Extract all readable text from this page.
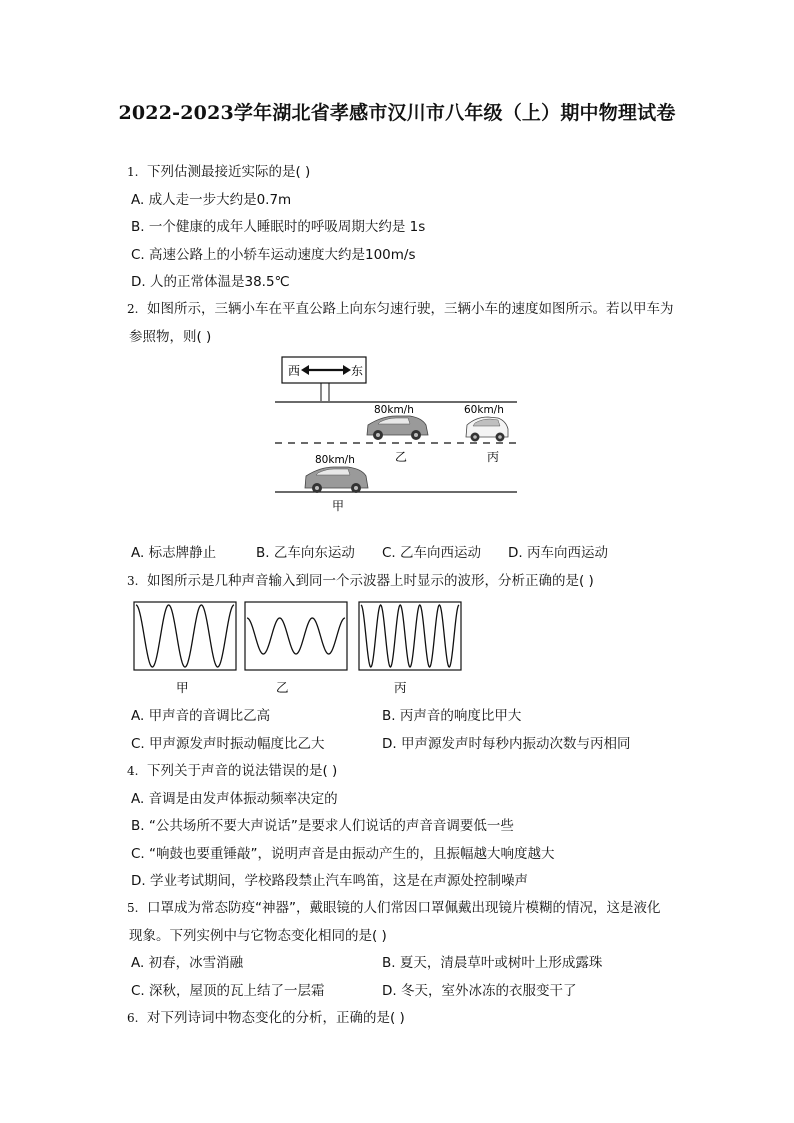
2022-2023学年湖北省孝感市汉川市八年级（上）期中物理试卷
1. 下列估测最接近实际的是( )
A. 成人走一步大约是0.7m
B. 一个健康的成年人睡眠时的呼吸周期大约是 1s
C. 高速公路上的小轿车运动速度大约是100m/s
D. 人的正常体温是38.5℃
2. 如图所示，三辆小车在平直公路上向东匀速行驶，三辆小车的速度如图所示。若以甲车为
参照物，则( )
西	东
80km/h
乙
60km/h
丙
80km/h
甲
A. 标志牌静止	B. 乙车向东运动 C. 乙车向西运动 D. 丙车向西运动
3. 如图所示是几种声音输入到同一个示波器上时显示的波形，分析正确的是( )
甲	乙	丙
A. 甲声音的音调比乙高	B. 丙声音的响度比甲大
C. 甲声源发声时振动幅度比乙大	D. 甲声源发声时每秒内振动次数与丙相同
4. 下列关于声音的说法错误的是( )
A. 音调是由发声体振动频率决定的
B. “公共场所不要大声说话”是要求人们说话的声音音调要低一些
C. “响鼓也要重锤敲”，说明声音是由振动产生的，且振幅越大响度越大
D. 学业考试期间，学校路段禁止汽车鸣笛，这是在声源处控制噪声
5. 口罩成为常态防疫“神器”，戴眼镜的人们常因口罩佩戴出现镜片模糊的情况，这是液化
现象。下列实例中与它物态变化相同的是( )
A. 初春，冰雪消融	B. 夏天，清晨草叶或树叶上形成露珠
C. 深秋，屋顶的瓦上结了一层霜	D. 冬天，室外冰冻的衣服变干了
6. 对下列诗词中物态变化的分析，正确的是( )
